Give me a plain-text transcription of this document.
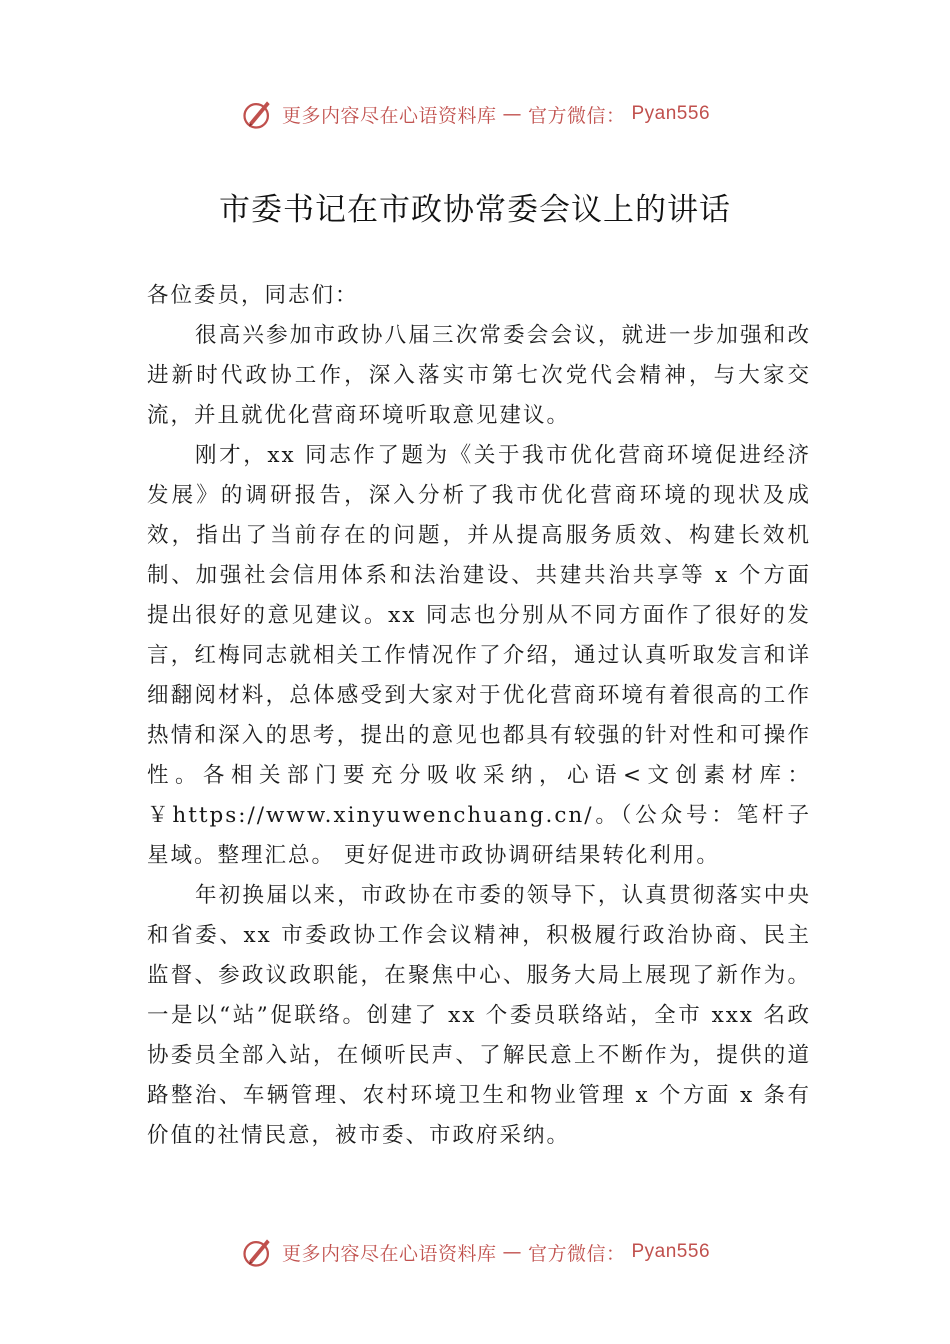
更多内容尽在心语资料库 — 官方微信： Pyan556
市委书记在市政协常委会议上的讲话

各位委员，同志们：

很高兴参加市政协八届三次常委会会议，就进一步加强和改进新时代政协工作，深入落实市第七次党代会精神，与大家交流，并且就优化营商环境听取意见建议。

刚才，xx 同志作了题为《关于我市优化营商环境促进经济发展》的调研报告，深入分析了我市优化营商环境的现状及成效，指出了当前存在的问题，并从提高服务质效、构建长效机制、加强社会信用体系和法治建设、共建共治共享等 x 个方面提出很好的意见建议。xx 同志也分别从不同方面作了很好的发言，红梅同志就相关工作情况作了介绍，通过认真听取发言和详细翻阅材料，总体感受到大家对于优化营商环境有着很高的工作热情和深入的思考，提出的意见也都具有较强的针对性和可操作性。各相关部门要充分吸收采纳，心语<文创素材库：￥https://www.xinyuwenchuang.cn/。（公众号：笔杆子星域。整理汇总。 更好促进市政协调研结果转化利用。

年初换届以来，市政协在市委的领导下，认真贯彻落实中央和省委、xx 市委政协工作会议精神，积极履行政治协商、民主监督、参政议政职能，在聚焦中心、服务大局上展现了新作为。一是以“站”促联络。创建了 xx 个委员联络站，全市 xxx 名政协委员全部入站，在倾听民声、了解民意上不断作为，提供的道路整治、车辆管理、农村环境卫生和物业管理 x 个方面 x 条有价值的社情民意，被市委、市政府采纳。

更多内容尽在心语资料库 — 官方微信： Pyan556
